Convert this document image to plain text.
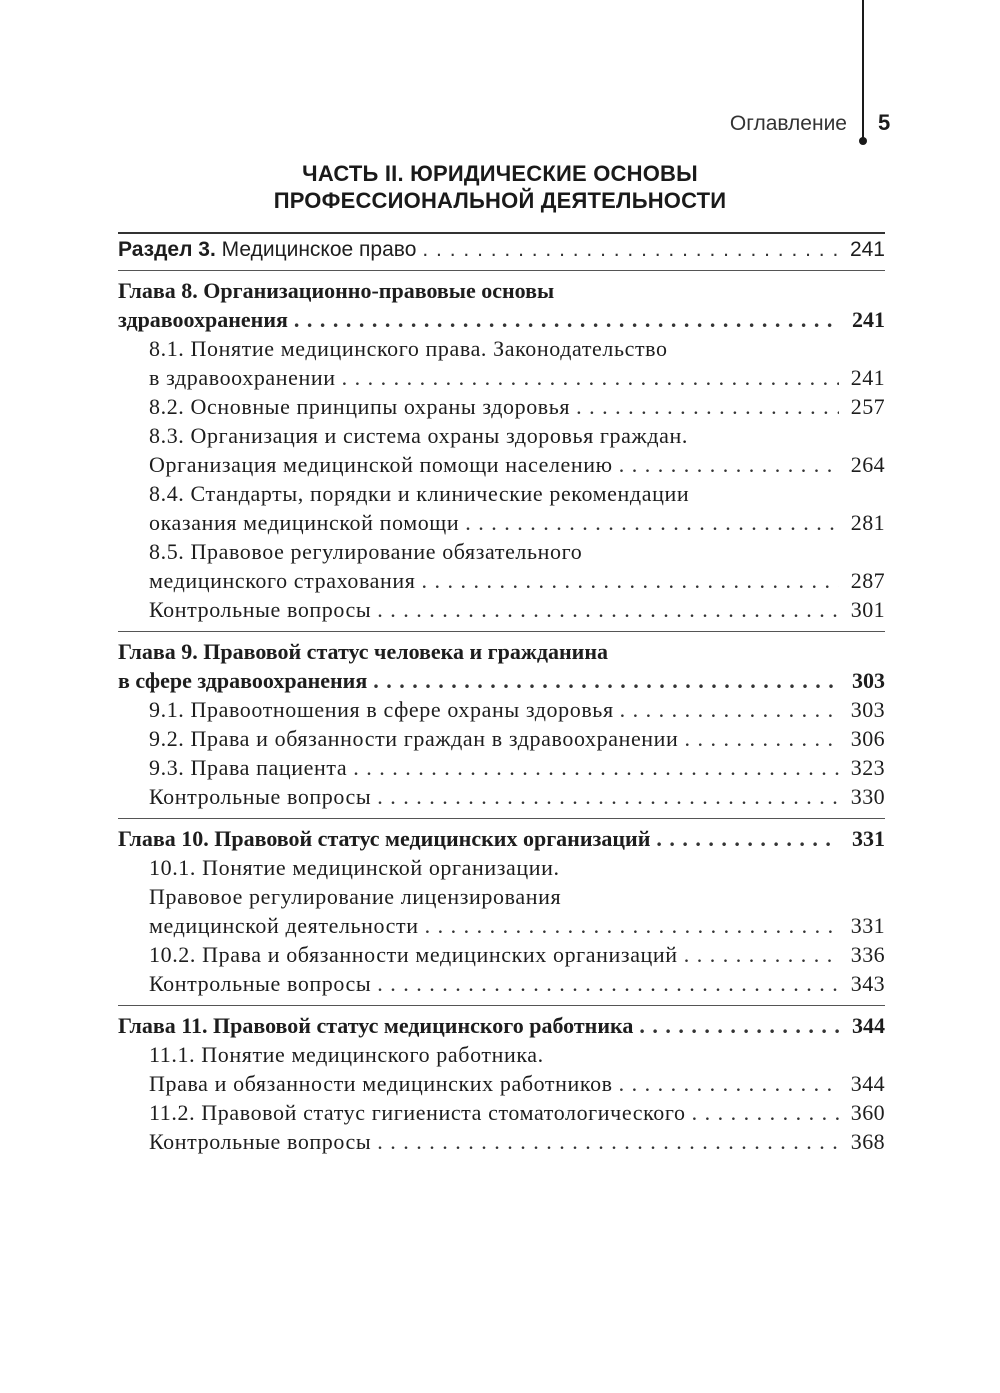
Оглавление 5
ЧАСТЬ II. ЮРИДИЧЕСКИЕ ОСНОВЫ
ПРОФЕССИОНАЛЬНОЙ ДЕЯТЕЛЬНОСТИ
Раздел 3. Медицинское право . . .	241
Глава 8. Организационно-правовые основы
здравоохранения . . .	241
8.1. Понятие медицинского права. Законодательство
в здравоохранении . . .	241
8.2. Основные принципы охраны здоровья . . .	257
8.3. Организация и система охраны здоровья граждан.
Организация медицинской помощи населению . . .	264
8.4. Стандарты, порядки и клинические рекомендации
оказания медицинской помощи . . .	281
8.5. Правовое регулирование обязательного
медицинского страхования . . .	287
Контрольные вопросы . . .	301
Глава 9. Правовой статус человека и гражданина
в сфере здравоохранения . . .	303
9.1. Правоотношения в сфере охраны здоровья . . .	303
9.2. Права и обязанности граждан в здравоохранении . . .	306
9.3. Права пациента . . .	323
Контрольные вопросы . . .	330
Глава 10. Правовой статус медицинских организаций . . .	331
10.1. Понятие медицинской организации.
Правовое регулирование лицензирования
медицинской деятельности . . .	331
10.2. Права и обязанности медицинских организаций . . .	336
Контрольные вопросы . . .	343
Глава 11. Правовой статус медицинского работника . . .	344
11.1. Понятие медицинского работника.
Права и обязанности медицинских работников . . .	344
11.2. Правовой статус гигиениста стоматологического . . .	360
Контрольные вопросы . . .	368
